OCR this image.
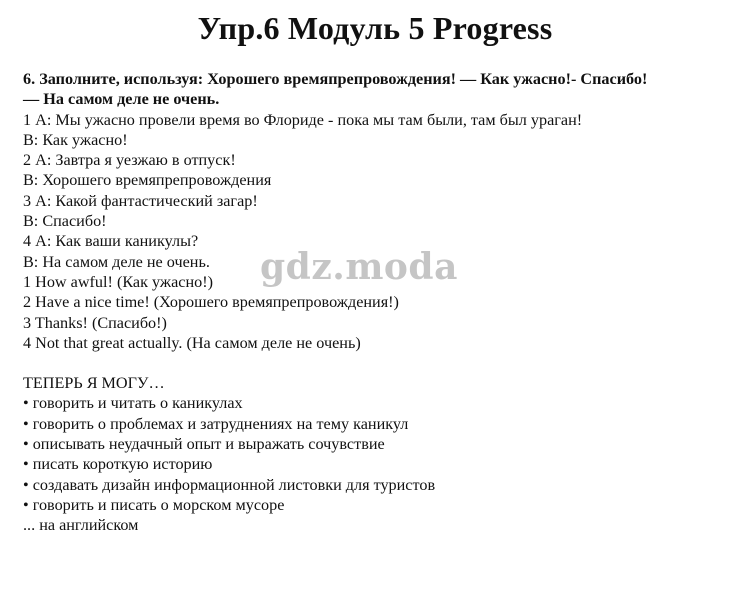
Упр.6 Модуль 5 Progress
6. Заполните, используя: Хорошего времяпрепровождения! — Как ужасно!- Спасибо!
— На самом деле не очень.
1 А: Мы ужасно провели время во Флориде - пока мы там были, там был ураган!
В: Как ужасно!
2 А: Завтра я уезжаю в отпуск!
В: Хорошего времяпрепровождения
3 А: Какой фантастический загар!
В: Спасибо!
4 А: Как ваши каникулы?
В: На самом деле не очень.
1 How awful! (Как ужасно!)
2 Have a nice time! (Хорошего времяпрепровождения!)
3 Thanks! (Спасибо!)
4 Not that great actually. (На самом деле не очень)
ТЕПЕРЬ Я МОГУ…
• говорить и читать о каникулах
• говорить о проблемах и затруднениях на тему каникул
• описывать неудачный опыт и выражать сочувствие
• писать короткую историю
• создавать дизайн информационной листовки для туристов
• говорить и писать о морском мусоре
... на английском
gdz.moda
